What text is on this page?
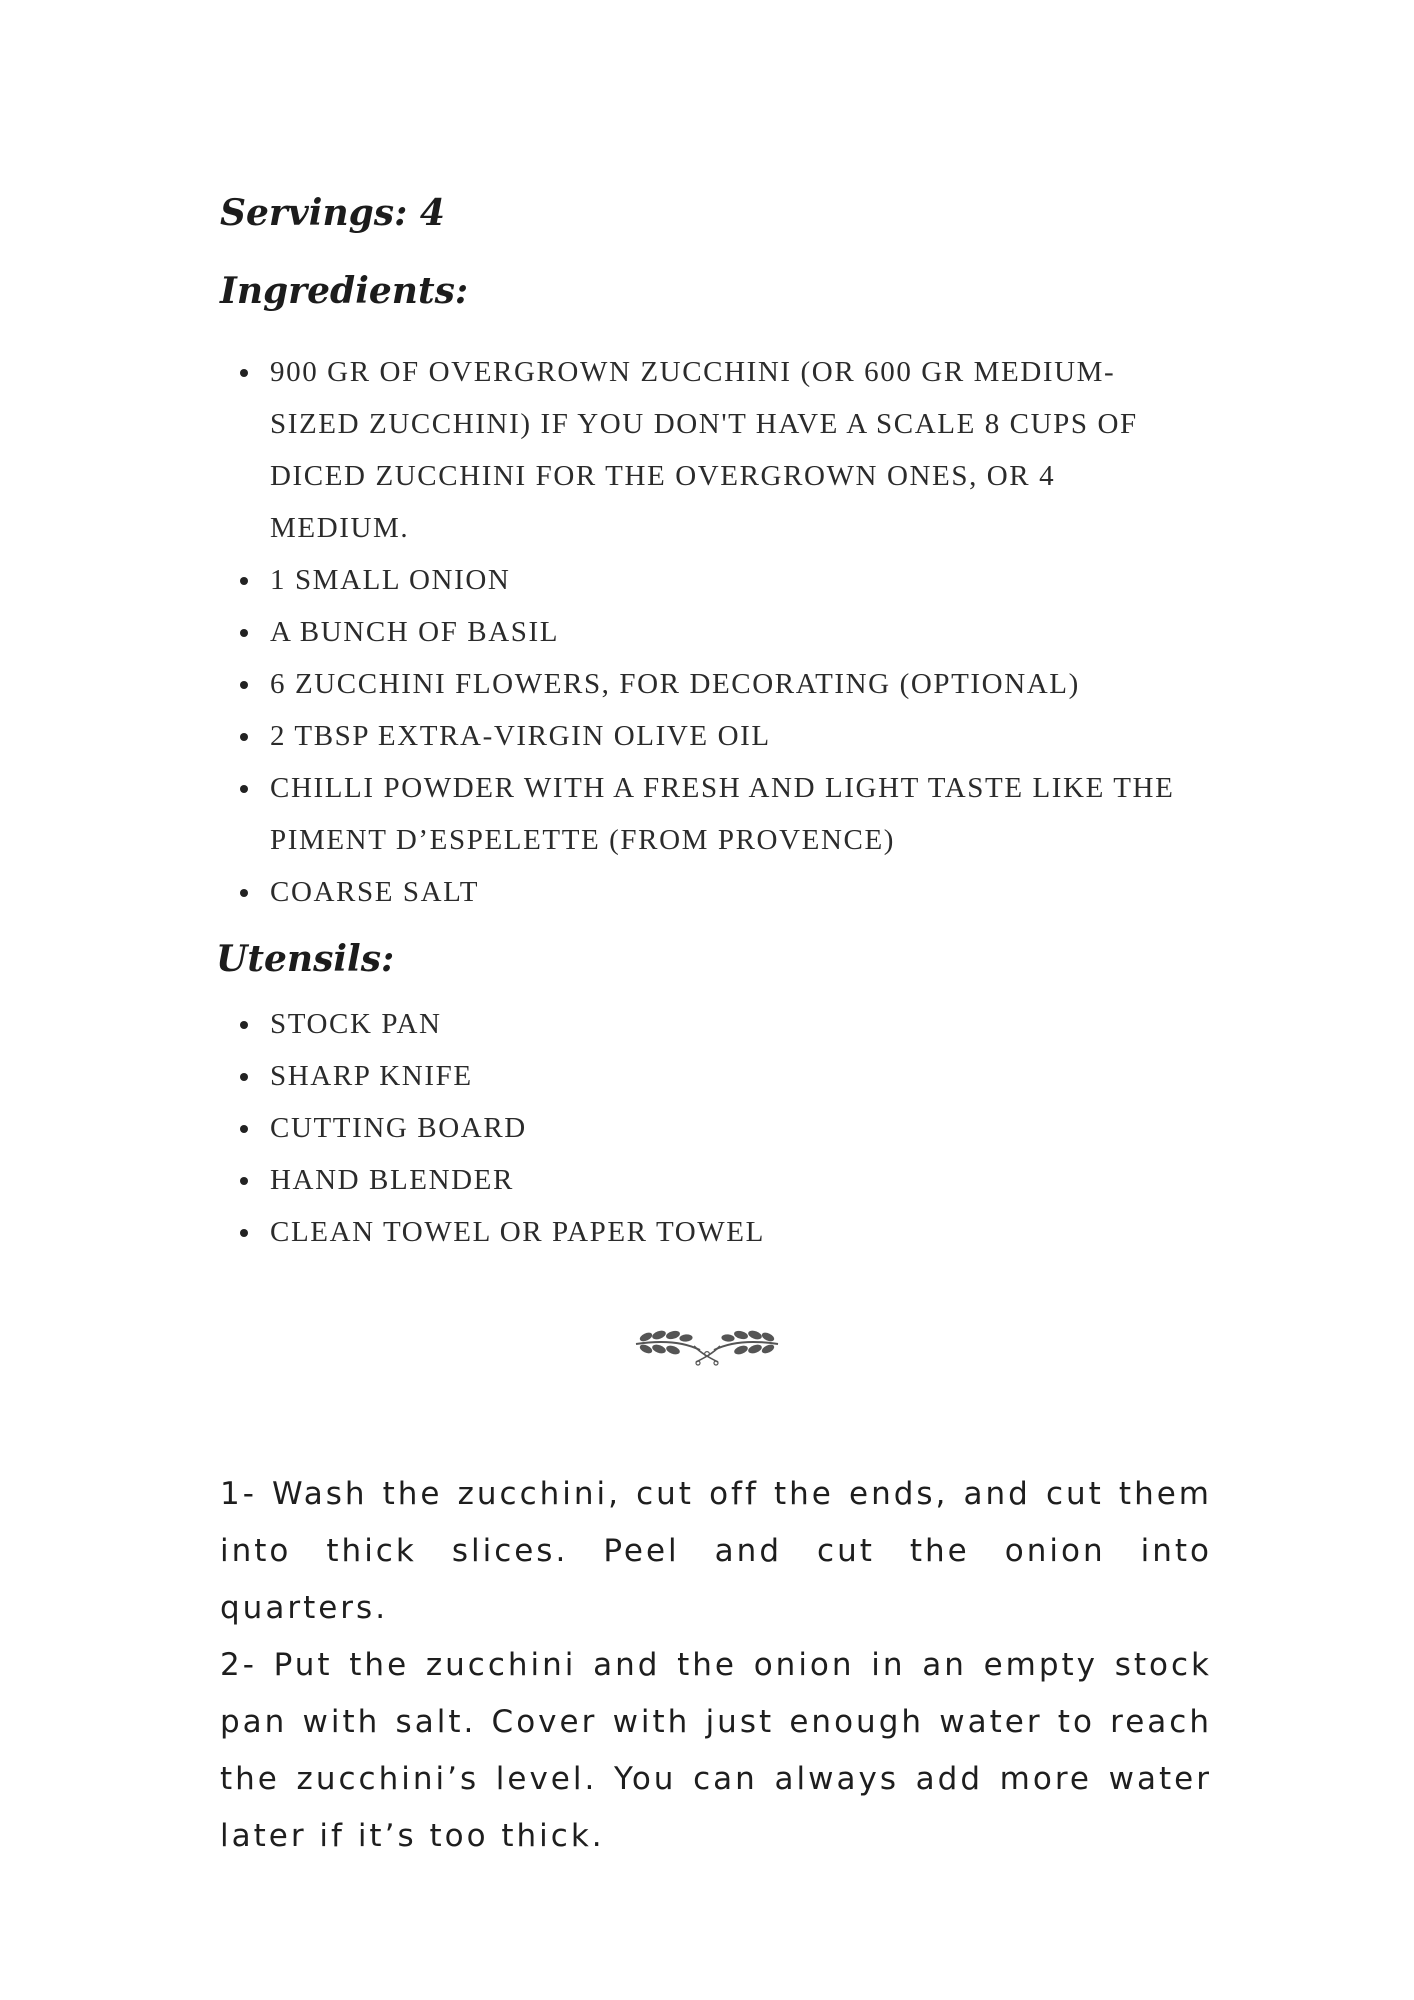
Servings: 4
Ingredients:
900 GR OF OVERGROWN ZUCCHINI (OR 600 GR MEDIUM-SIZED ZUCCHINI) IF YOU DON'T HAVE A SCALE 8 CUPS OF DICED ZUCCHINI FOR THE OVERGROWN ONES, OR 4 MEDIUM.
1 SMALL ONION
A BUNCH OF BASIL
6 ZUCCHINI FLOWERS, FOR DECORATING (OPTIONAL)
2 TBSP EXTRA-VIRGIN OLIVE OIL
CHILLI POWDER WITH A FRESH AND LIGHT TASTE LIKE THE PIMENT D’ESPELETTE (FROM PROVENCE)
COARSE SALT
Utensils:
STOCK PAN
SHARP KNIFE
CUTTING BOARD
HAND BLENDER
CLEAN TOWEL OR PAPER TOWEL

1- Wash the zucchini, cut off the ends, and cut them into thick slices. Peel and cut the onion into quarters.

2- Put the zucchini and the onion in an empty stock pan with salt. Cover with just enough water to reach the zucchini’s level. You can always add more water later if it’s too thick.
